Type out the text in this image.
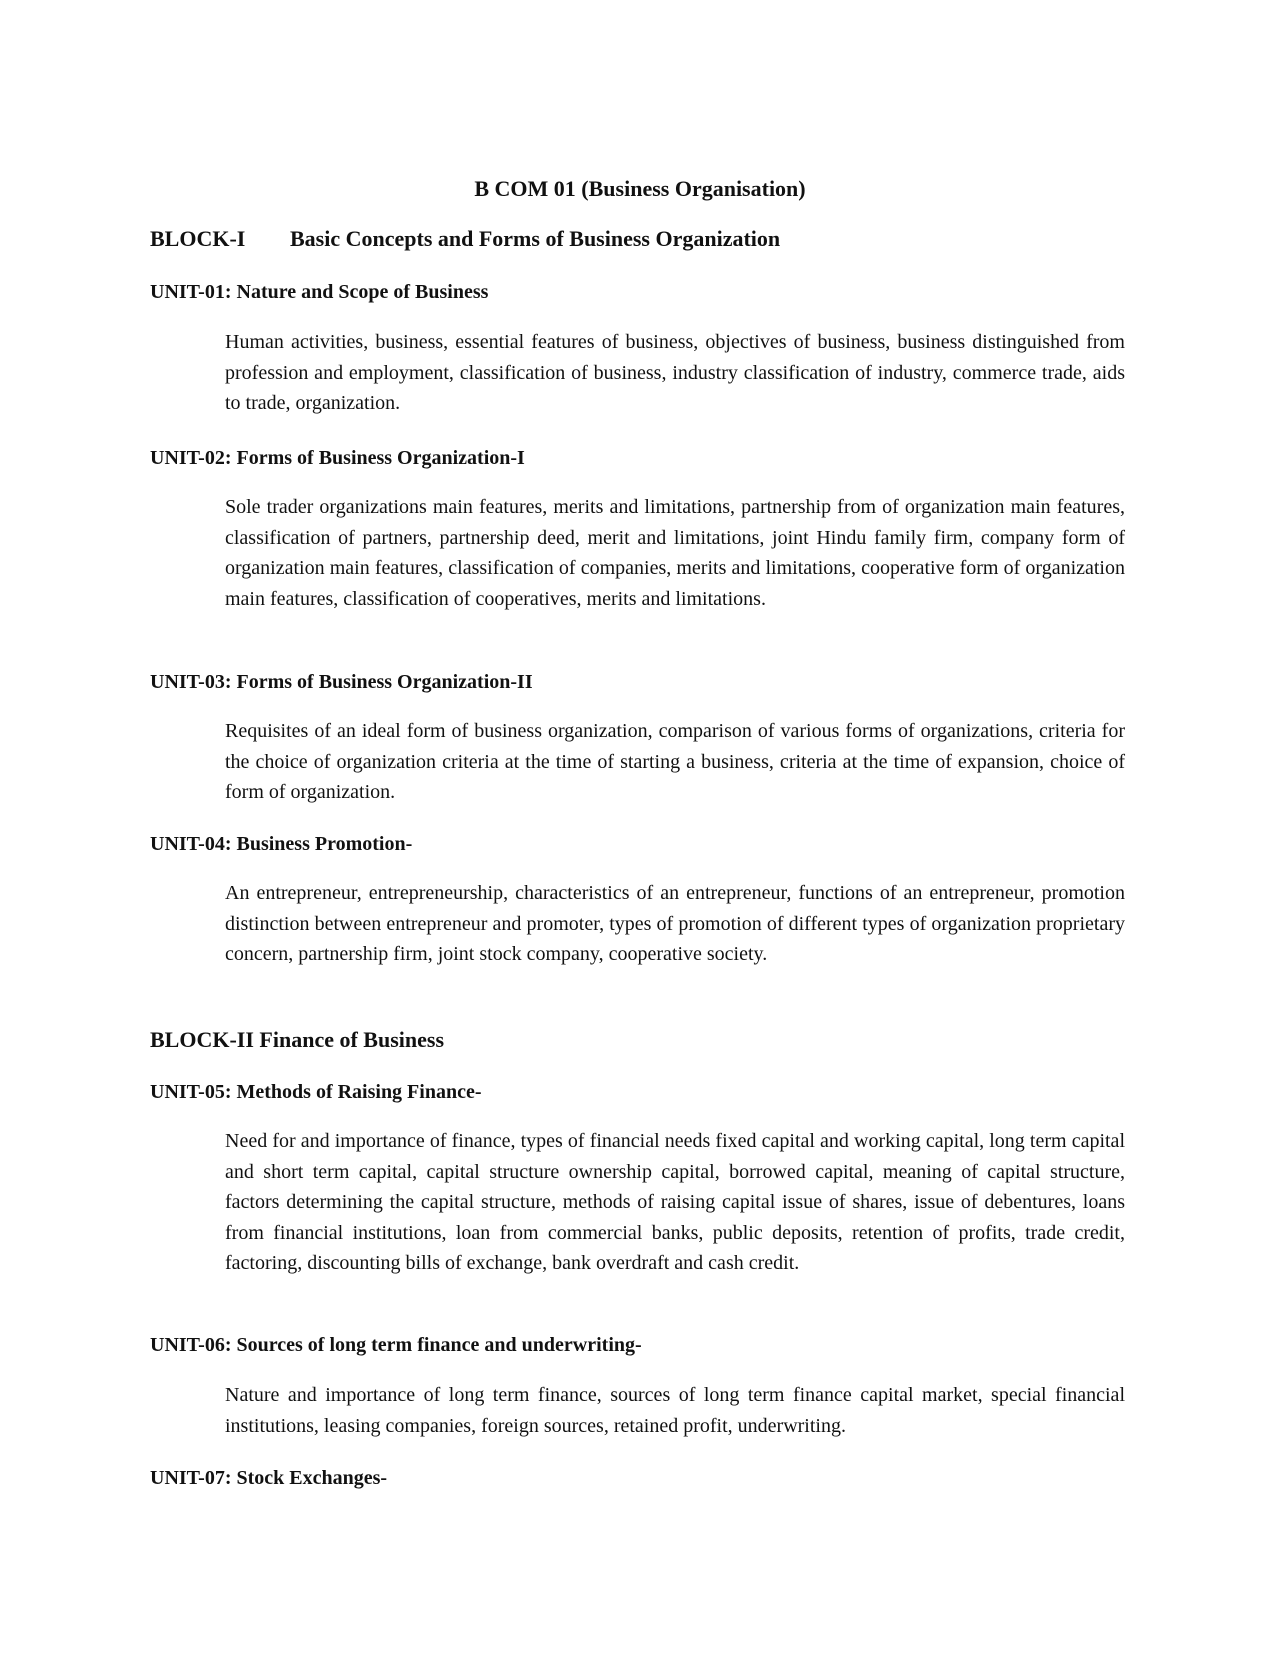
B COM 01 (Business Organisation)
BLOCK-I Basic Concepts and Forms of Business Organization
UNIT-01: Nature and Scope of Business

Human activities, business, essential features of business, objectives of business, business distinguished from profession and employment, classification of business, industry classification of industry, commerce trade, aids to trade, organization.

UNIT-02: Forms of Business Organization-I

Sole trader organizations main features, merits and limitations, partnership from of organization main features, classification of partners, partnership deed, merit and limitations, joint Hindu family firm, company form of organization main features, classification of companies, merits and limitations, cooperative form of organization main features, classification of cooperatives, merits and limitations.

UNIT-03: Forms of Business Organization-II

Requisites of an ideal form of business organization, comparison of various forms of organizations, criteria for the choice of organization criteria at the time of starting a business, criteria at the time of expansion, choice of form of organization.

UNIT-04: Business Promotion-

An entrepreneur, entrepreneurship, characteristics of an entrepreneur, functions of an entrepreneur, promotion distinction between entrepreneur and promoter, types of promotion of different types of organization proprietary concern, partnership firm, joint stock company, cooperative society.

BLOCK-II Finance of Business
UNIT-05: Methods of Raising Finance-

Need for and importance of finance, types of financial needs fixed capital and working capital, long term capital and short term capital, capital structure ownership capital, borrowed capital, meaning of capital structure, factors determining the capital structure, methods of raising capital issue of shares, issue of debentures, loans from financial institutions, loan from commercial banks, public deposits, retention of profits, trade credit, factoring, discounting bills of exchange, bank overdraft and cash credit.

UNIT-06: Sources of long term finance and underwriting-

Nature and importance of long term finance, sources of long term finance capital market, special financial institutions, leasing companies, foreign sources, retained profit, underwriting.

UNIT-07: Stock Exchanges-
